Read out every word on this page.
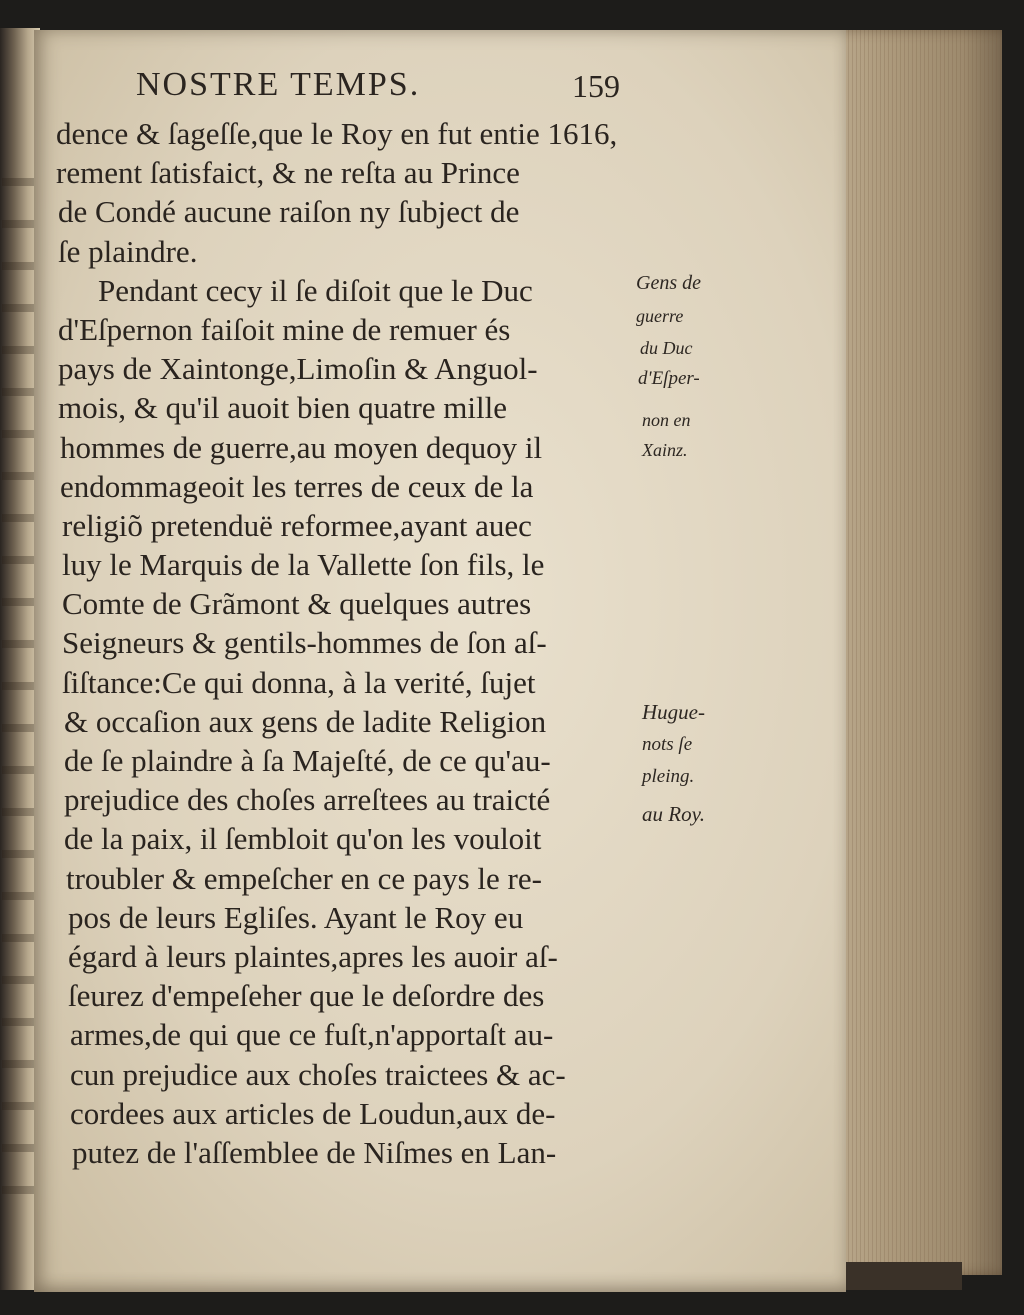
NOSTRE TEMPS.	159
dence & ſageſſe,que le Roy en fut entie 1616,
rement ſatisfaict, & ne reſta au Prince
de Condé aucune raiſon ny ſubject de
ſe plaindre.
Pendant cecy il ſe diſoit que le Duc
d'Eſpernon faiſoit mine de remuer és
pays de Xaintonge,Limoſin & Anguol-
mois, & qu'il auoit bien quatre mille
hommes de guerre,au moyen dequoy il
endommageoit les terres de ceux de la
religiõ pretenduë reformee,ayant auec
luy le Marquis de la Vallette ſon fils, le
Comte de Grãmont & quelques autres
Seigneurs & gentils-hommes de ſon aſ-
ſiſtance:Ce qui donna, à la verité, ſujet
& occaſion aux gens de ladite Religion
de ſe plaindre à ſa Majeſté, de ce qu'au-
prejudice des choſes arreſtees au traicté
de la paix, il ſembloit qu'on les vouloit
troubler & empeſcher en ce pays le re-
pos de leurs Egliſes. Ayant le Roy eu
égard à leurs plaintes,apres les auoir aſ-
ſeurez d'empeſeher que le deſordre des
armes,de qui que ce fuſt,n'apportaſt au-
cun prejudice aux choſes traictees & ac-
cordees aux articles de Loudun,aux de-
putez de l'aſſemblee de Niſmes en Lan-
Gens de
guerre
du Duc
d'Eſper-
non en
Xainz.
Hugue-
nots ſe
pleing.
au Roy.
